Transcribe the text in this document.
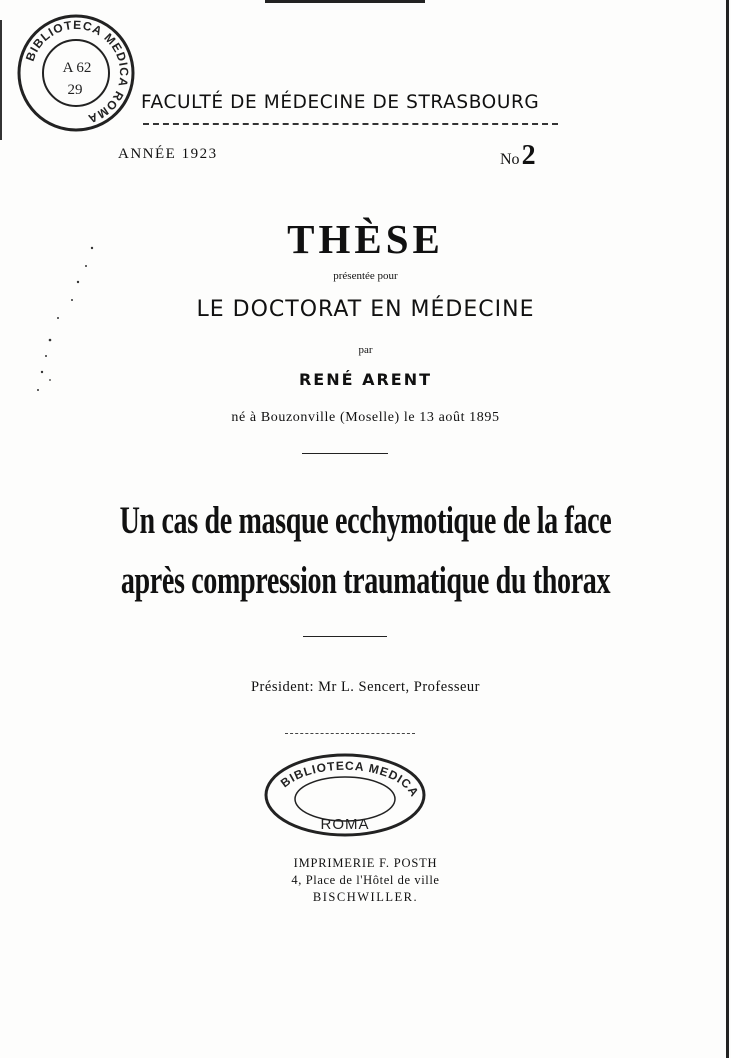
BIBLIOTECA MEDICA ROMA
A 62
29
FACULTÉ DE MÉDECINE DE STRASBOURG
ANNÉE 1923	No2
THÈSE
présentée pour
LE DOCTORAT EN MÉDECINE
par
RENÉ ARENT
né à Bouzonville (Moselle) le 13 août 1895
Un cas de masque ecchymotique de la face
après compression traumatique du thorax
Président: Mr L. Sencert, Professeur
BIBLIOTECA MEDICA
ROMA
IMPRIMERIE F. POSTH
4, Place de l'Hôtel de ville
BISCHWILLER.
